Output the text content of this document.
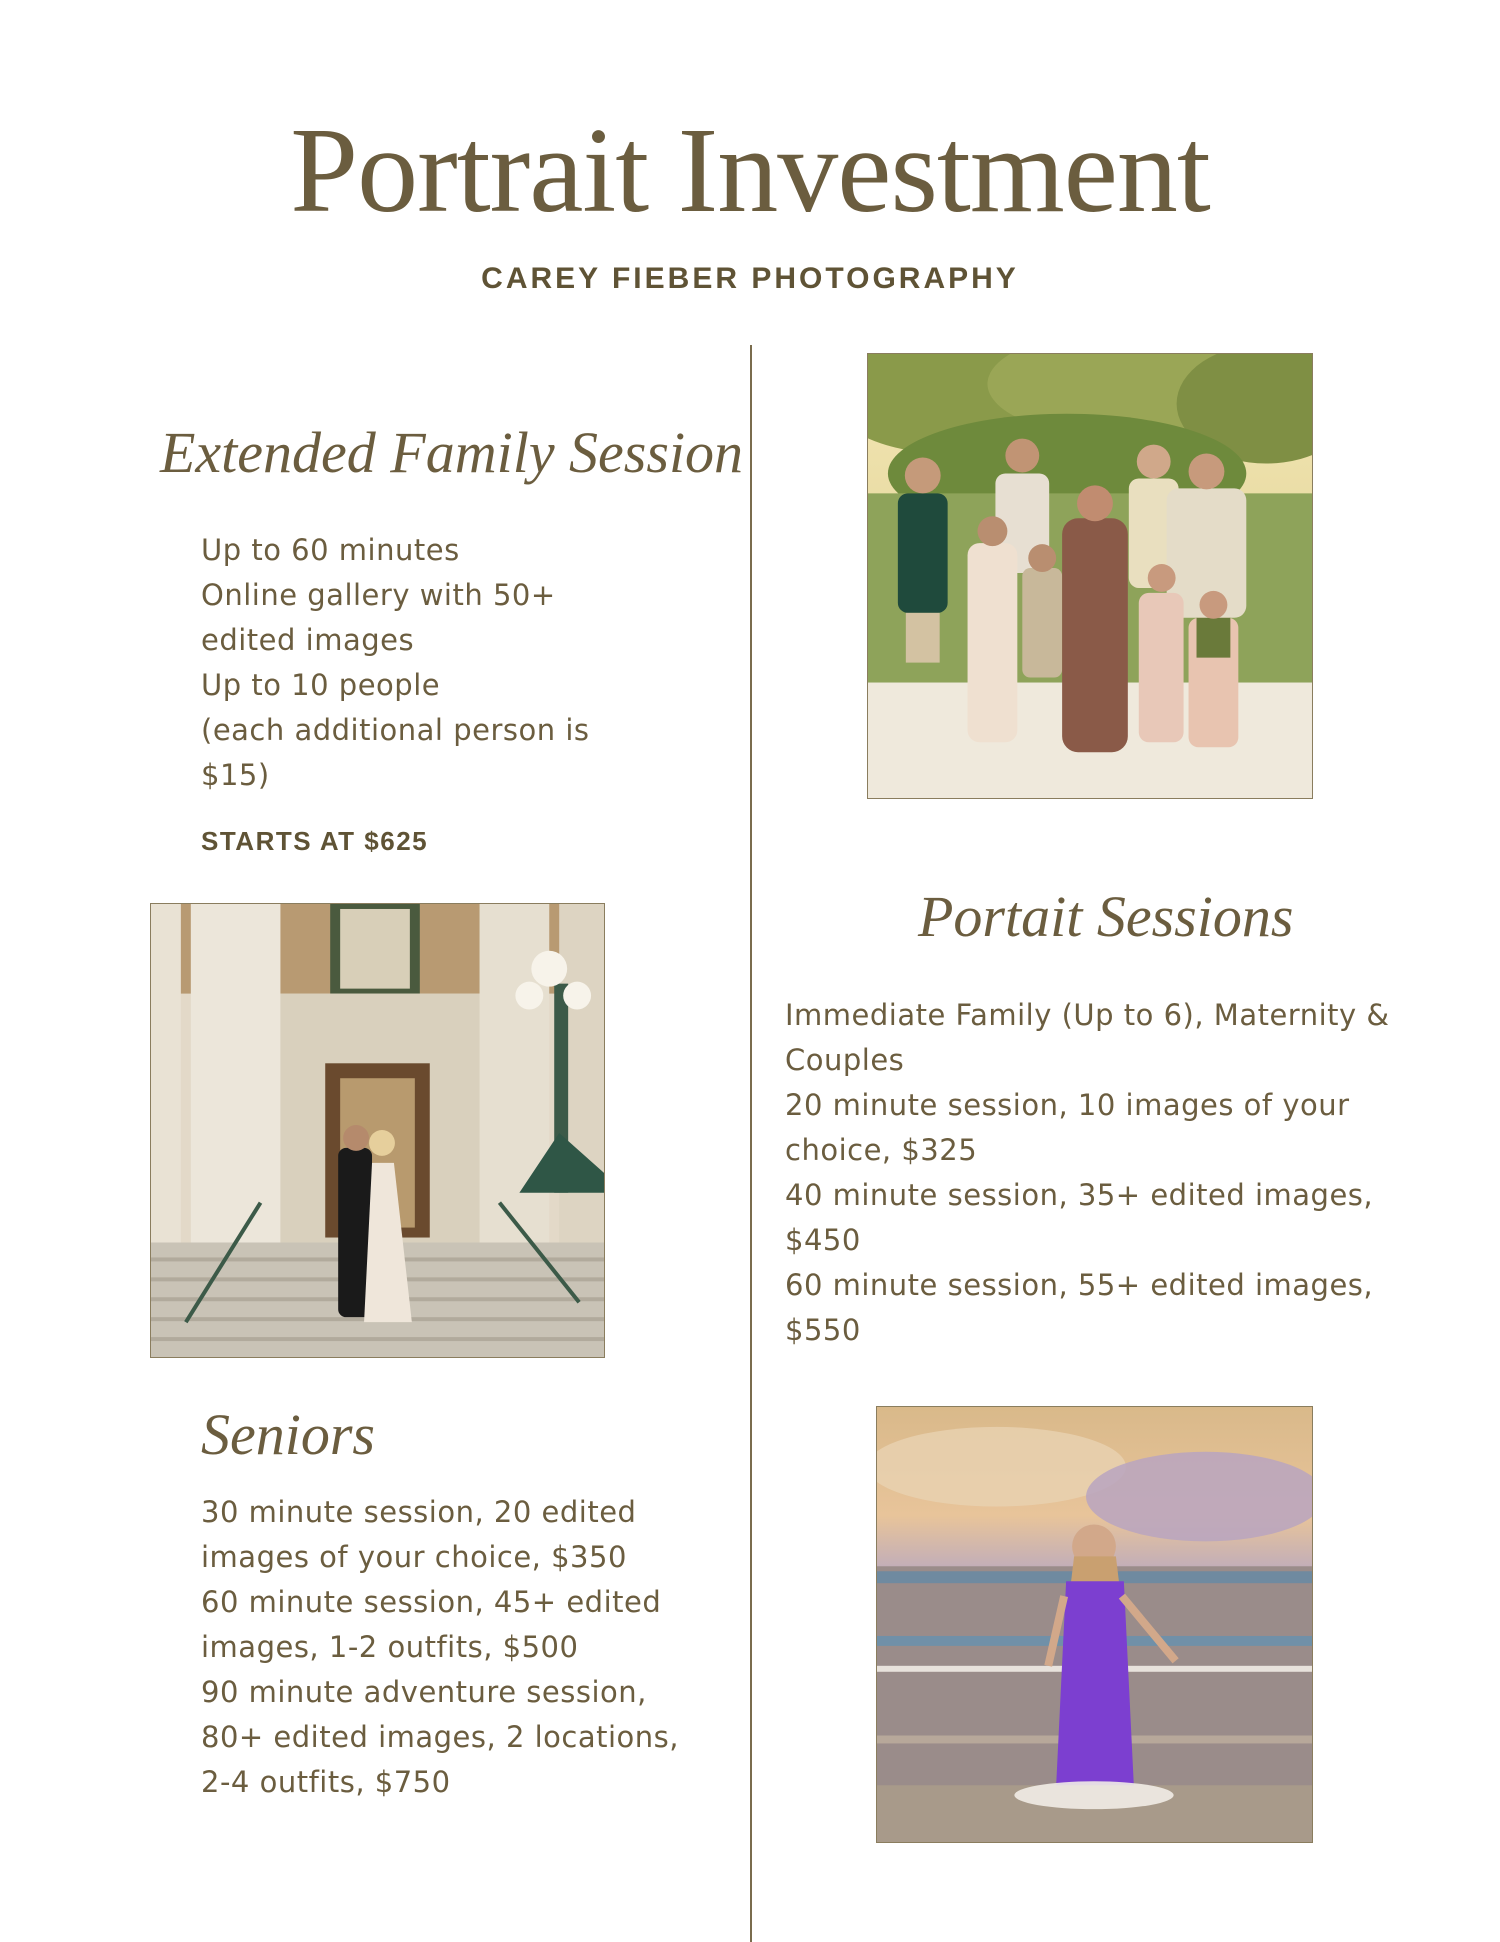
Portrait Investment
CAREY FIEBER PHOTOGRAPHY
Extended Family Session
Up to 60 minutes
Online gallery with 50+
edited images
Up to 10 people
(each additional person is
$15)
STARTS AT $625
Portait Sessions
Immediate Family (Up to 6), Maternity &
Couples
20 minute session, 10 images of your
choice, $325
40 minute session, 35+ edited images,
$450
60 minute session, 55+ edited images,
$550
Seniors
30 minute session, 20 edited
images of your choice, $350
60 minute session, 45+ edited
images, 1-2 outfits, $500
90 minute adventure session,
80+ edited images, 2 locations,
2-4 outfits, $750
